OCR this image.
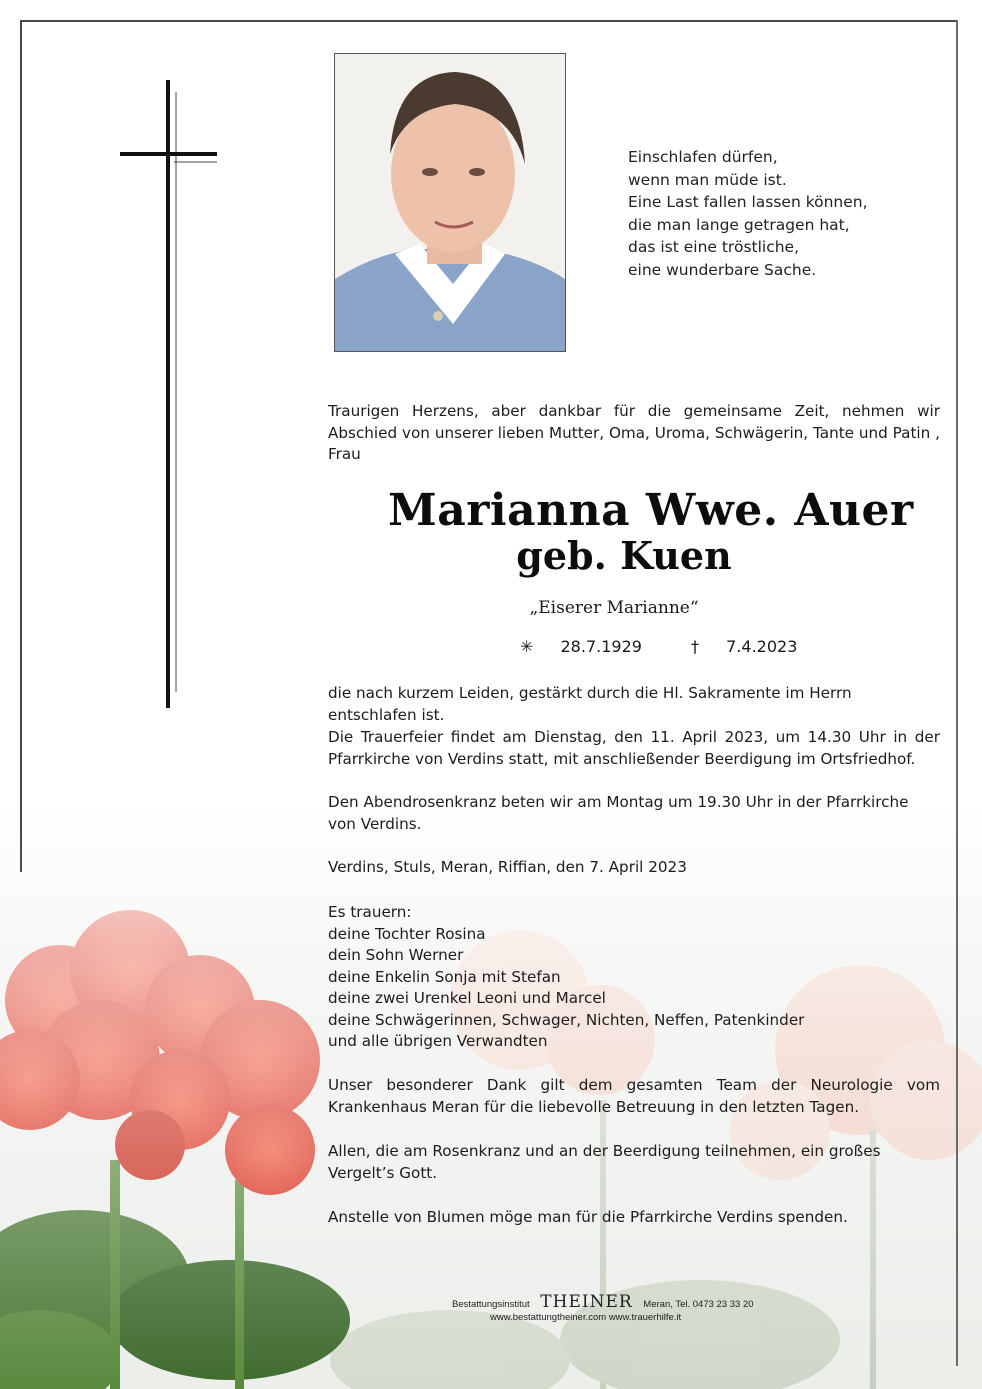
Einschlafen dürfen,
wenn man müde ist.
Eine Last fallen lassen können,
die man lange getragen hat,
das ist eine tröstliche,
eine wunderbare Sache.
Traurigen Herzens, aber dankbar für die gemeinsame Zeit, nehmen wir Abschied von unserer lieben Mutter, Oma, Uroma, Schwägerin, Tante und Patin , Frau
Marianna Wwe. Auer
geb. Kuen
„Eiserer Marianne“
✳ 28.7.1929	† 7.4.2023
die nach kurzem Leiden, gestärkt durch die Hl. Sakramente im Herrn entschlafen ist.
Die Trauerfeier findet am Dienstag, den 11. April 2023, um 14.30 Uhr in der Pfarrkirche von Verdins statt, mit anschließender Beerdigung im Ortsfriedhof.
Den Abendrosenkranz beten wir am Montag um 19.30 Uhr in der Pfarrkirche von Verdins.
Verdins, Stuls, Meran, Riffian, den 7. April 2023
Es trauern:
deine Tochter Rosina
dein Sohn Werner
deine Enkelin Sonja mit Stefan
deine zwei Urenkel Leoni und Marcel
deine Schwägerinnen, Schwager, Nichten, Neffen, Patenkinder
und alle übrigen Verwandten
Unser besonderer Dank gilt dem gesamten Team der Neurologie vom Krankenhaus Meran für die liebevolle Betreuung in den letzten Tagen.
Allen, die am Rosenkranz und an der Beerdigung teilnehmen, ein großes Vergelt’s Gott.
Anstelle von Blumen möge man für die Pfarrkirche Verdins spenden.
Bestattungsinstitut THEINER Meran, Tel. 0473 23 33 20
www.bestattungtheiner.com www.trauerhilfe.it
